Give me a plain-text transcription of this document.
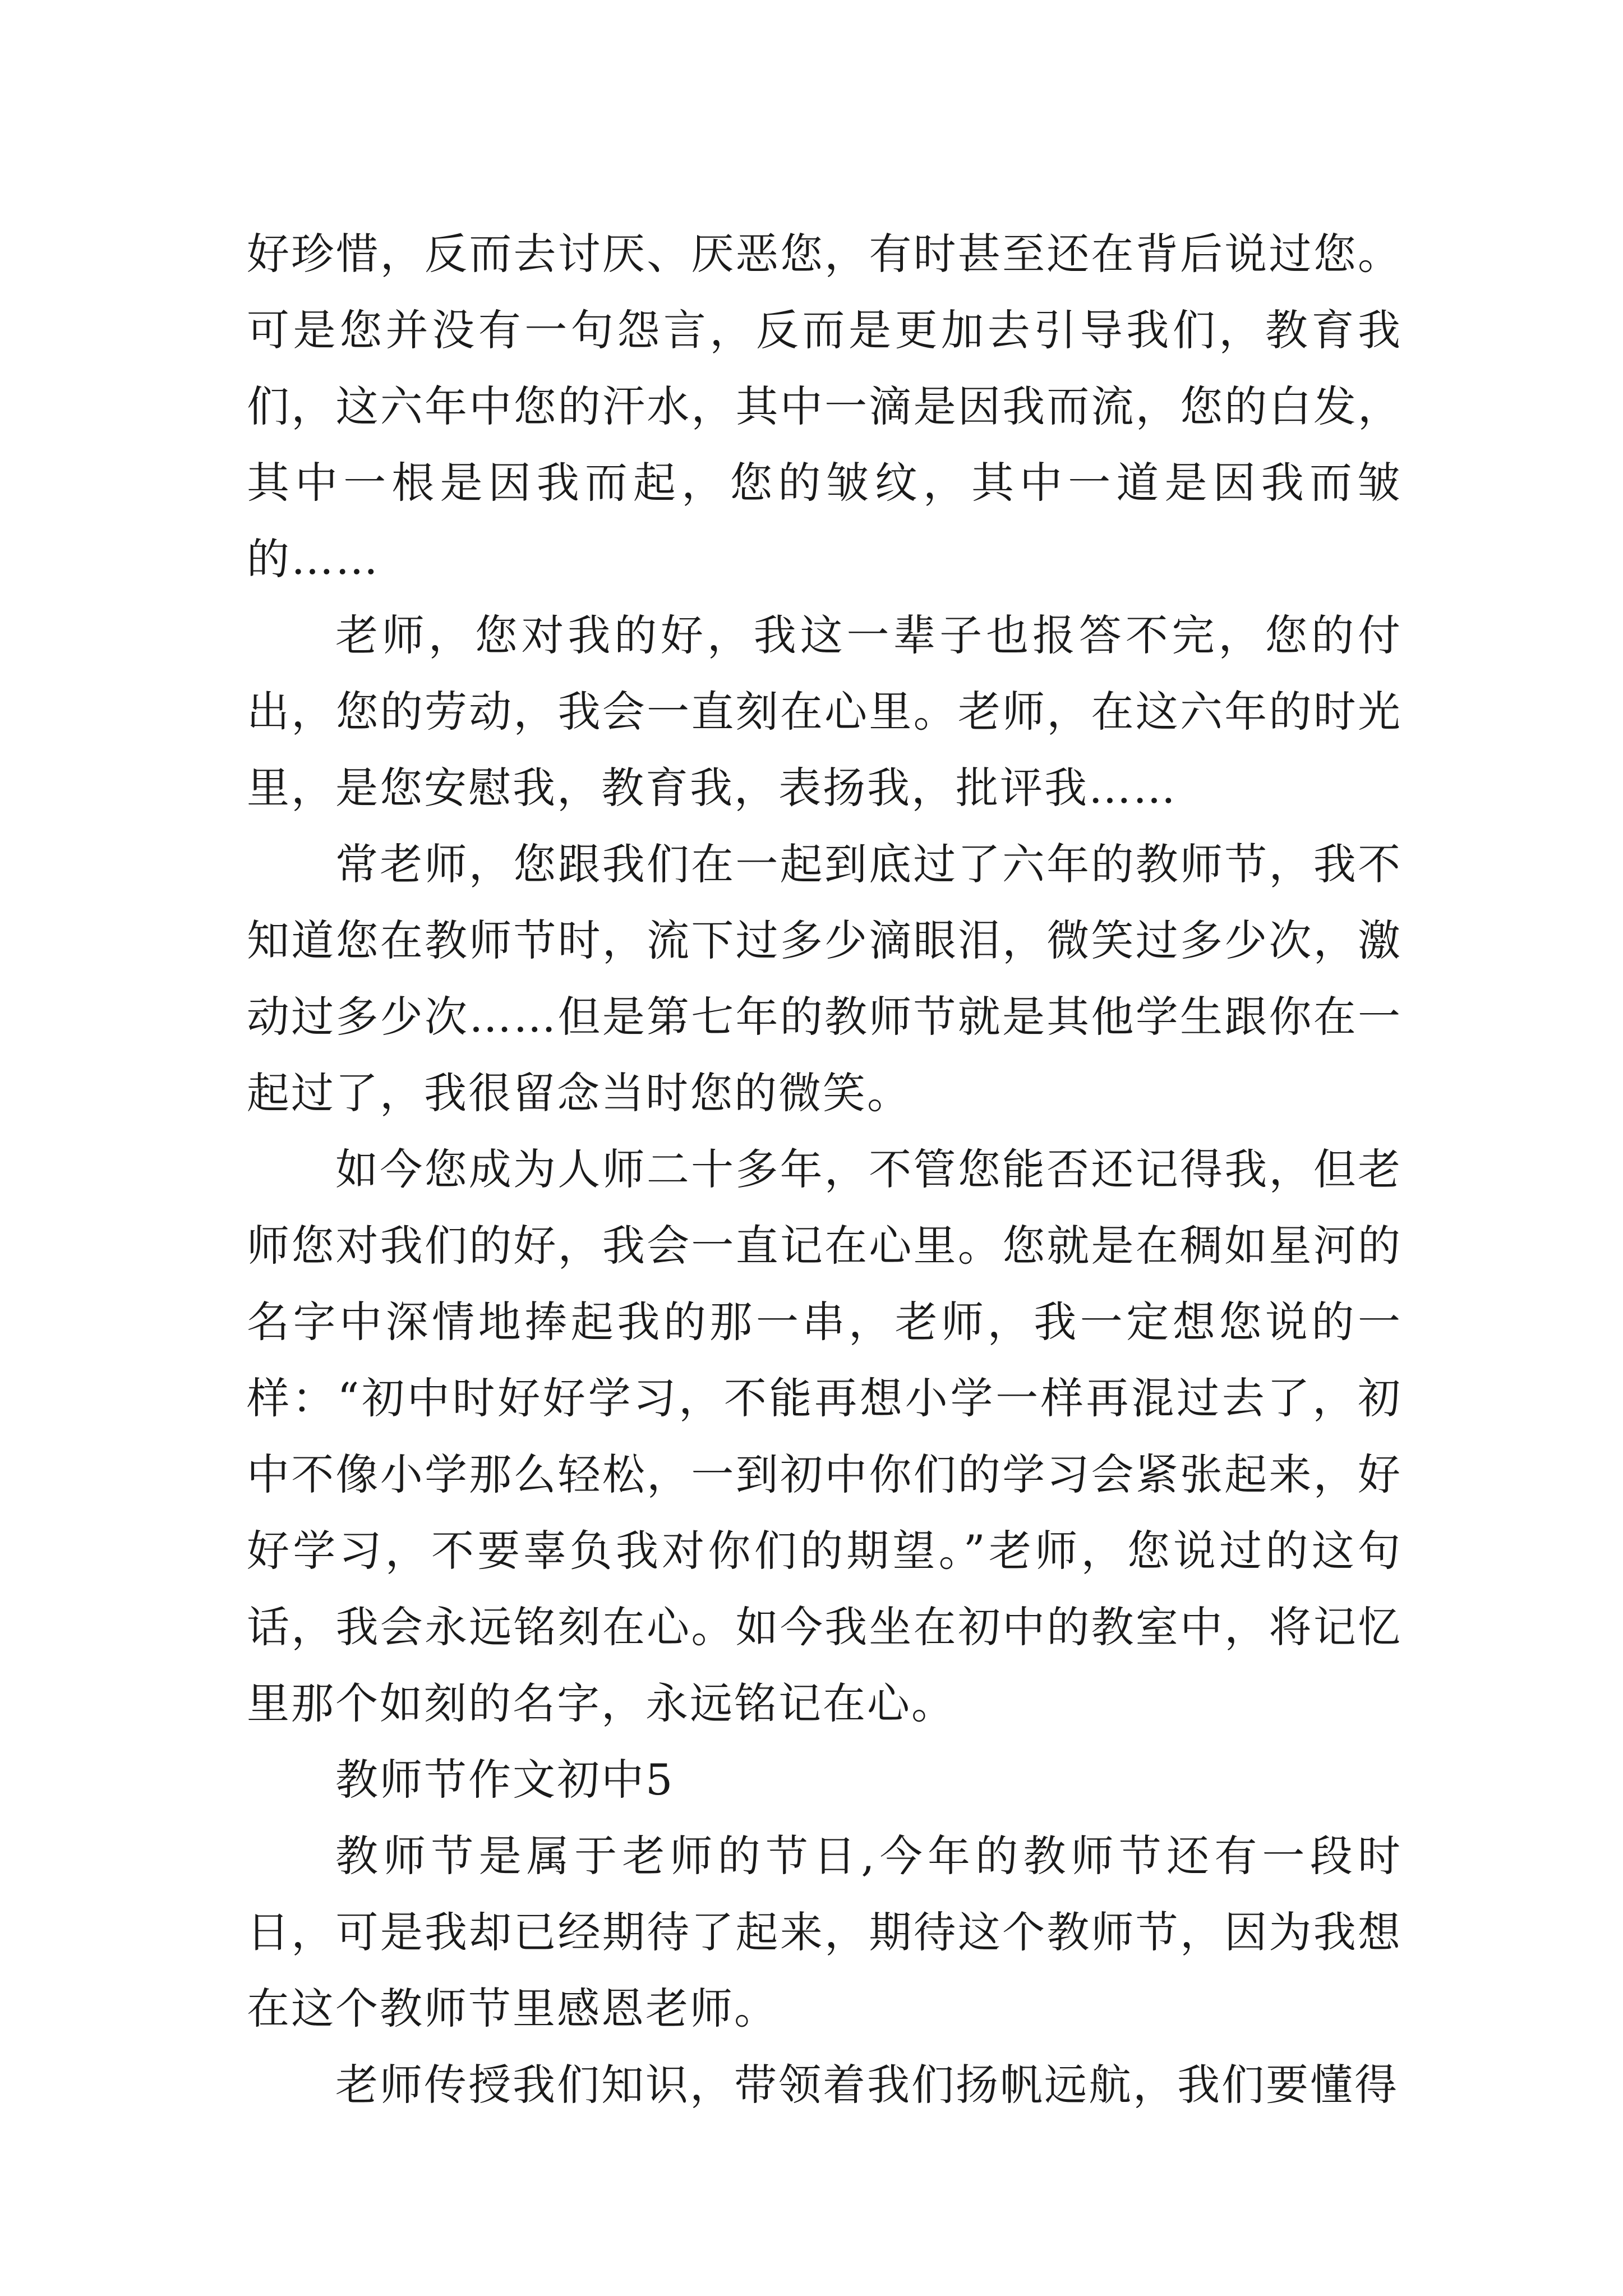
好珍惜，反而去讨厌、厌恶您，有时甚至还在背后说过您。可是您并没有一句怨言，反而是更加去引导我们，教育我们，这六年中您的汗水，其中一滴是因我而流，您的白发，其中一根是因我而起，您的皱纹，其中一道是因我而皱的……

老师，您对我的好，我这一辈子也报答不完，您的付出，您的劳动，我会一直刻在心里。老师，在这六年的时光里，是您安慰我，教育我，表扬我，批评我……

常老师，您跟我们在一起到底过了六年的教师节，我不知道您在教师节时，流下过多少滴眼泪，微笑过多少次，激动过多少次……但是第七年的教师节就是其他学生跟你在一起过了，我很留念当时您的微笑。

如今您成为人师二十多年，不管您能否还记得我，但老师您对我们的好，我会一直记在心里。您就是在稠如星河的名字中深情地捧起我的那一串，老师，我一定想您说的一样：“初中时好好学习，不能再想小学一样再混过去了，初中不像小学那么轻松，一到初中你们的学习会紧张起来，好好学习，不要辜负我对你们的期望。”老师，您说过的这句话，我会永远铭刻在心。如今我坐在初中的教室中，将记忆里那个如刻的名字，永远铭记在心。

教师节作文初中5

教师节是属于老师的节日,今年的教师节还有一段时日，可是我却已经期待了起来，期待这个教师节，因为我想在这个教师节里感恩老师。

老师传授我们知识，带领着我们扬帆远航，我们要懂得
